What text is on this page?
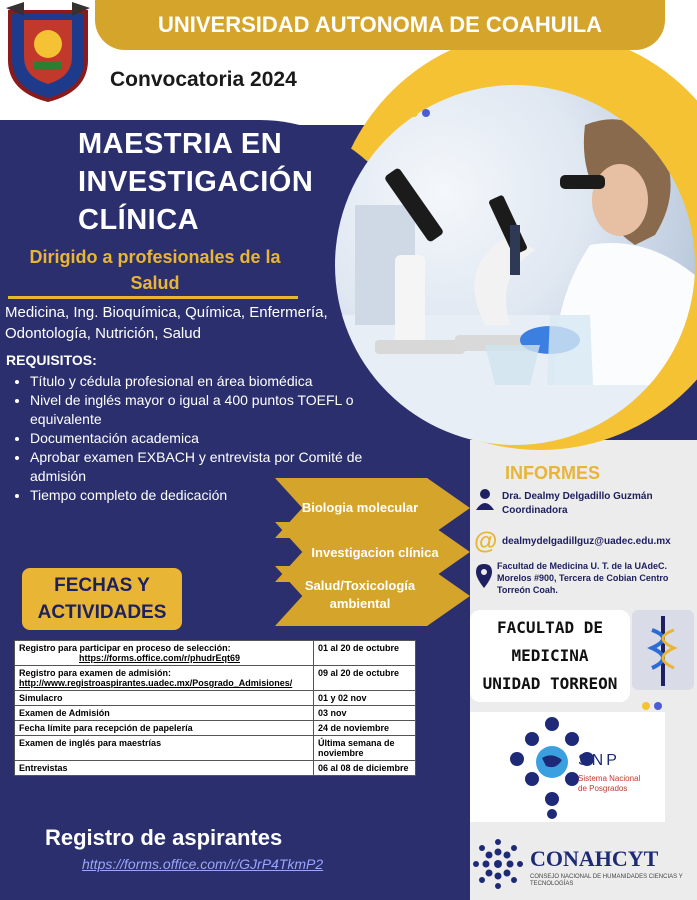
UNIVERSIDAD AUTONOMA DE COAHUILA
Convocatoria 2024
MAESTRIA EN
INVESTIGACIÓN
CLÍNICA
Dirigido a profesionales de la Salud
Medicina, Ing. Bioquímica, Química, Enfermería, Odontología, Nutrición, Salud
REQUISITOS:
• Título y cédula profesional en área biomédica
• Nivel de inglés mayor o igual a 400 puntos TOEFL o equivalente
• Documentación academica
• Aprobar examen EXBACH y entrevista por Comité de admisión
• Tiempo completo de dedicación
Biologia molecular
Investigacion clínica
Salud/Toxicología ambiental
FECHAS Y ACTIVIDADES
Registro para participar en proceso de selección:
https://forms.office.com/r/phudrEqt69	01 al 20 de octubre

Registro para examen de admisión:
http://www.registroaspirantes.uadec.mx/Posgrado_Admisiones/	09 al 20 de octubre

Simulacro	01 y 02 nov

Examen de Admisión	03 nov

Fecha límite para recepción de papelería	24 de noviembre

Examen de inglés para maestrías	Última semana de noviembre

Entrevistas	06 al 08 de diciembre
Registro de aspirantes
https://forms.office.com/r/GJrP4TkmP2
INFORMES
Dra. Dealmy Delgadillo Guzmán
Coordinadora
@ dealmydelgadillguz@uadec.edu.mx
Facultad de Medicina U. T. de la UAdeC. Morelos #900, Tercera de Cobian Centro Torreón Coah.
FACULTAD DE
MEDICINA
UNIDAD TORREON
SNP
Sistema Nacional de Posgrados
CONAHCYT
CONSEJO NACIONAL DE HUMANIDADES CIENCIAS Y TECNOLOGÍAS
